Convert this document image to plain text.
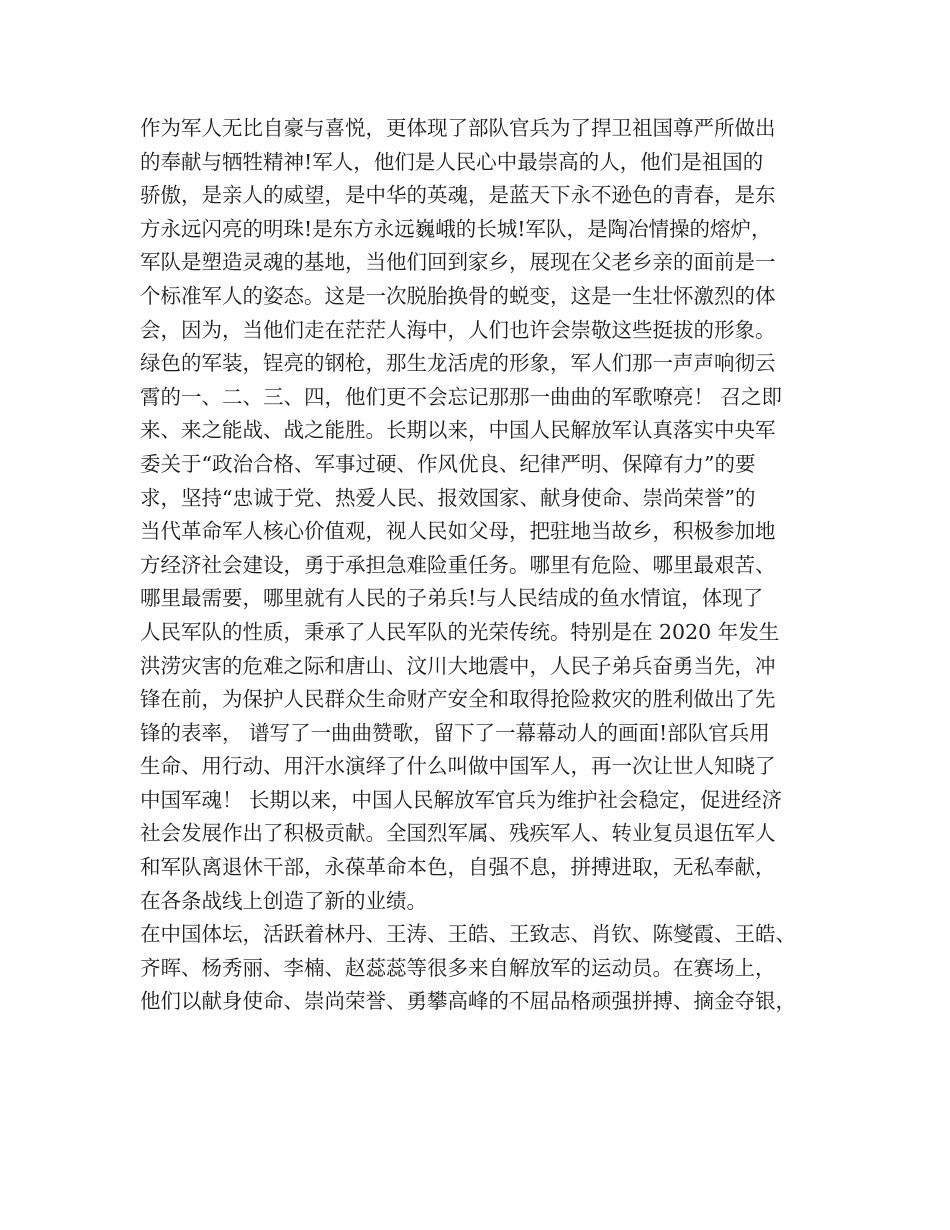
作为军人无比自豪与喜悦，更体现了部队官兵为了捍卫祖国尊严所做出
的奉献与牺牲精神!军人，他们是人民心中最崇高的人，他们是祖国的
骄傲，是亲人的威望，是中华的英魂，是蓝天下永不逊色的青春，是东
方永远闪亮的明珠!是东方永远巍峨的长城!军队，是陶冶情操的熔炉，
军队是塑造灵魂的基地，当他们回到家乡，展现在父老乡亲的面前是一
个标准军人的姿态。这是一次脱胎换骨的蜕变，这是一生壮怀激烈的体
会，因为，当他们走在茫茫人海中，人们也许会崇敬这些挺拔的形象。
绿色的军装，锃亮的钢枪，那生龙活虎的形象，军人们那一声声响彻云
霄的一、二、三、四，他们更不会忘记那那一曲曲的军歌嘹亮！ 召之即
来、来之能战、战之能胜。长期以来，中国人民解放军认真落实中央军
委关于“政治合格、军事过硬、作风优良、纪律严明、保障有力”的要
求，坚持“忠诚于党、热爱人民、报效国家、献身使命、崇尚荣誉”的
当代革命军人核心价值观，视人民如父母，把驻地当故乡，积极参加地
方经济社会建设，勇于承担急难险重任务。哪里有危险、哪里最艰苦、
哪里最需要，哪里就有人民的子弟兵!与人民结成的鱼水情谊，体现了
人民军队的性质，秉承了人民军队的光荣传统。特别是在 2020 年发生
洪涝灾害的危难之际和唐山、汶川大地震中，人民子弟兵奋勇当先，冲
锋在前，为保护人民群众生命财产安全和取得抢险救灾的胜利做出了先
锋的表率， 谱写了一曲曲赞歌，留下了一幕幕动人的画面!部队官兵用
生命、用行动、用汗水演绎了什么叫做中国军人，再一次让世人知晓了
中国军魂！ 长期以来，中国人民解放军官兵为维护社会稳定，促进经济
社会发展作出了积极贡献。全国烈军属、残疾军人、转业复员退伍军人
和军队离退休干部，永葆革命本色，自强不息，拼搏进取，无私奉献，
在各条战线上创造了新的业绩。
在中国体坛，活跃着林丹、王涛、王皓、王致志、肖钦、陈燮霞、王皓、
齐晖、杨秀丽、李楠、赵蕊蕊等很多来自解放军的运动员。在赛场上，
他们以献身使命、崇尚荣誉、勇攀高峰的不屈品格顽强拼搏、摘金夺银，
